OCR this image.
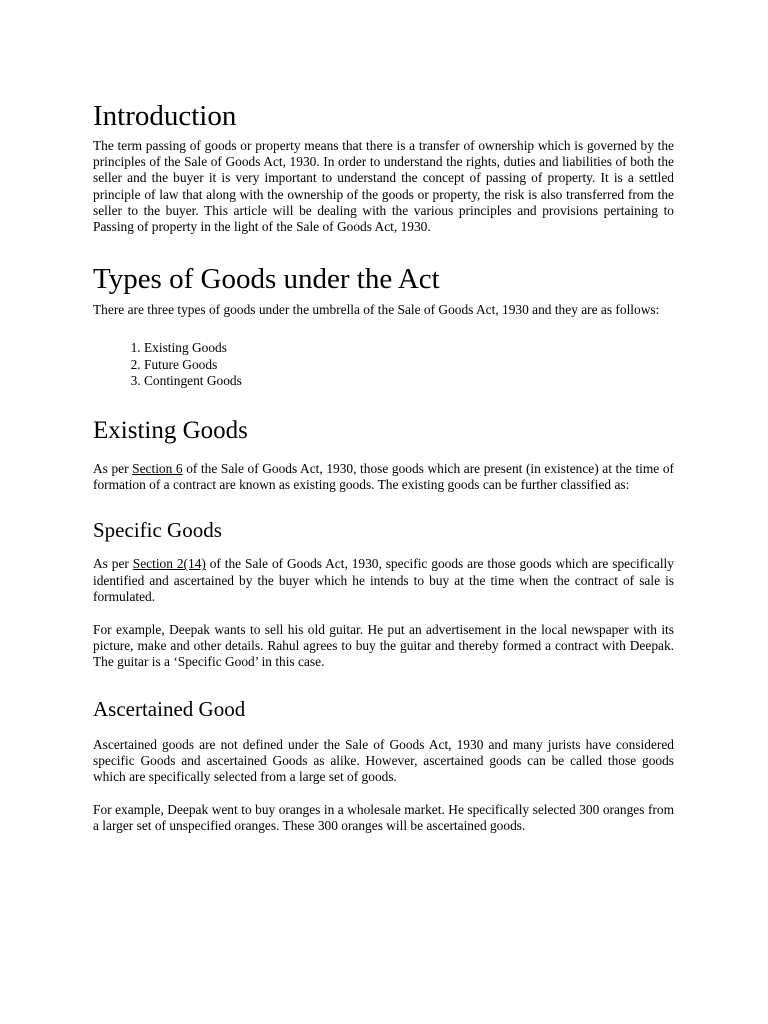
Introduction

The term passing of goods or property means that there is a transfer of ownership which is governed by the principles of the Sale of Goods Act, 1930. In order to understand the rights, duties and liabilities of both the seller and the buyer it is very important to understand the concept of passing of property. It is a settled principle of law that along with the ownership of the goods or property, the risk is also transferred from the seller to the buyer. This article will be dealing with the various principles and provisions pertaining to Passing of property in the light of the Sale of Goods Act, 1930.

Types of Goods under the Act

There are three types of goods under the umbrella of the Sale of Goods Act, 1930 and they are as follows:

1. Existing Goods
2. Future Goods
3. Contingent Goods
Existing Goods

As per Section 6 of the Sale of Goods Act, 1930, those goods which are present (in existence) at the time of formation of a contract are known as existing goods. The existing goods can be further classified as:

Specific Goods

As per Section 2(14) of the Sale of Goods Act, 1930, specific goods are those goods which are specifically identified and ascertained by the buyer which he intends to buy at the time when the contract of sale is formulated.

For example, Deepak wants to sell his old guitar. He put an advertisement in the local newspaper with its picture, make and other details. Rahul agrees to buy the guitar and thereby formed a contract with Deepak. The guitar is a ‘Specific Good’ in this case.

Ascertained Good

Ascertained goods are not defined under the Sale of Goods Act, 1930 and many jurists have considered specific Goods and ascertained Goods as alike. However, ascertained goods can be called those goods which are specifically selected from a large set of goods.

For example, Deepak went to buy oranges in a wholesale market. He specifically selected 300 oranges from a larger set of unspecified oranges. These 300 oranges will be ascertained goods.
